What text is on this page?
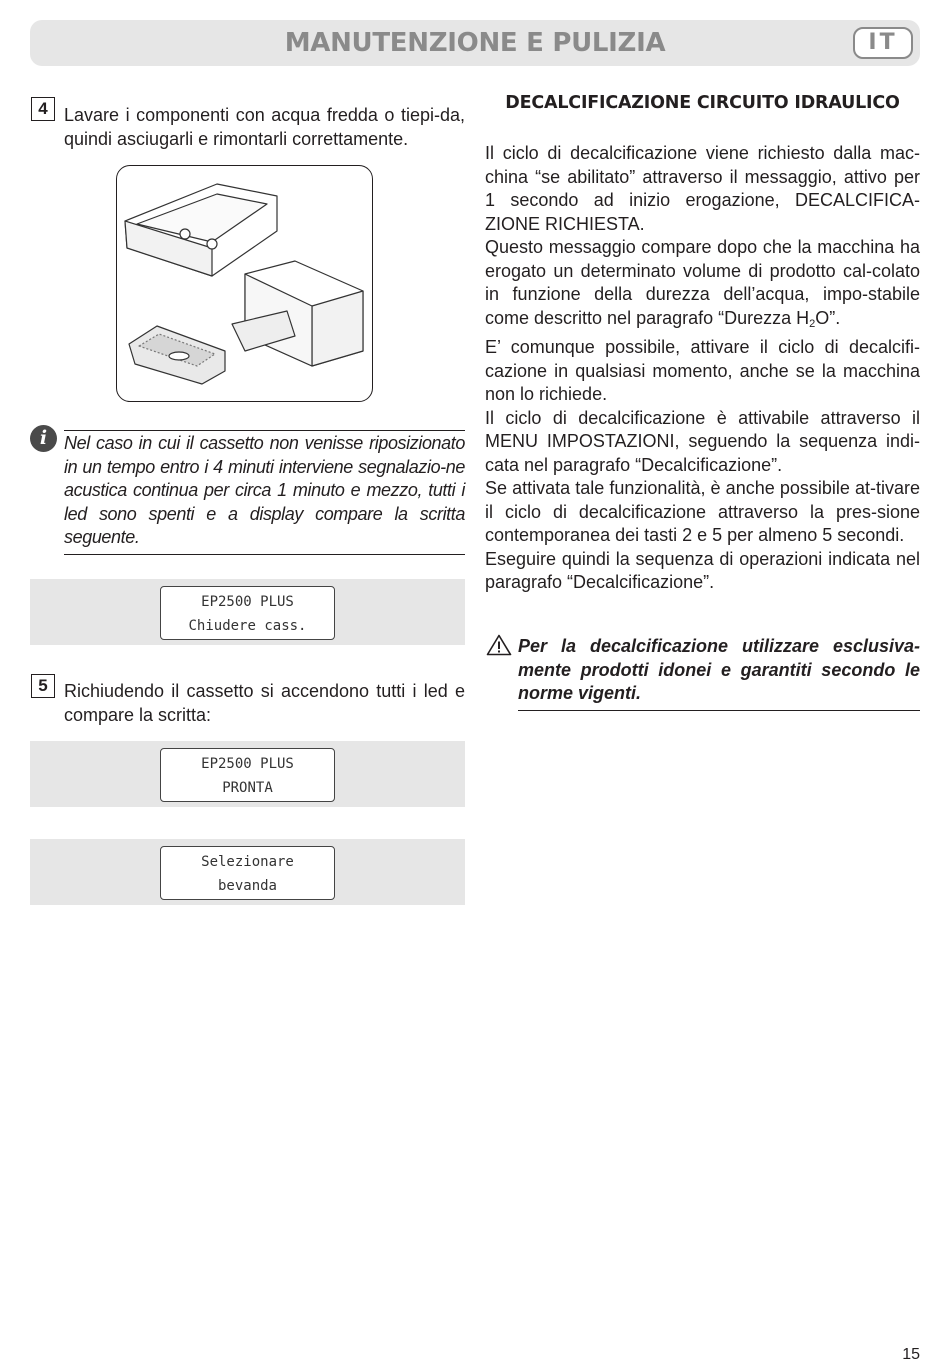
MANUTENZIONE E PULIZIA	IT
4 Lavare i componenti con acqua fredda o tiepi-da, quindi asciugarli e rimontarli correttamente.
i Nel caso in cui il cassetto non venisse riposizionato in un tempo entro i 4 minuti interviene segnalazio-ne acustica continua per circa 1 minuto e mezzo, tutti i led sono spenti e a display compare la scritta seguente.
EP2500 PLUS
Chiudere cass.
5 Richiudendo il cassetto si accendono tutti i led e compare la scritta:
EP2500 PLUS
PRONTA
Selezionare
bevanda
DECALCIFICAZIONE CIRCUITO IDRAULICO
Il ciclo di decalcificazione viene richiesto dalla mac-china “se abilitato” attraverso il messaggio, attivo per 1 secondo ad inizio erogazione, DECALCIFICA-ZIONE RICHIESTA.
Questo messaggio compare dopo che la macchina ha erogato un determinato volume di prodotto cal-colato in funzione della durezza dell’acqua, impo-stabile come descritto nel paragrafo “Durezza $H_2O$”.
E’ comunque possibile, attivare il ciclo di decalcifi-cazione in qualsiasi momento, anche se la macchina non lo richiede.
Il ciclo di decalcificazione è attivabile attraverso il MENU IMPOSTAZIONI, seguendo la sequenza indi-cata nel paragrafo “Decalcificazione”.
Se attivata tale funzionalità, è anche possibile at-tivare il ciclo di decalcificazione attraverso la pres-sione contemporanea dei tasti 2 e 5 per almeno 5 secondi.
Eseguire quindi la sequenza di operazioni indicata nel paragrafo “Decalcificazione”.
Per la decalcificazione utilizzare esclusiva-mente prodotti idonei e garantiti secondo le norme vigenti.
15
